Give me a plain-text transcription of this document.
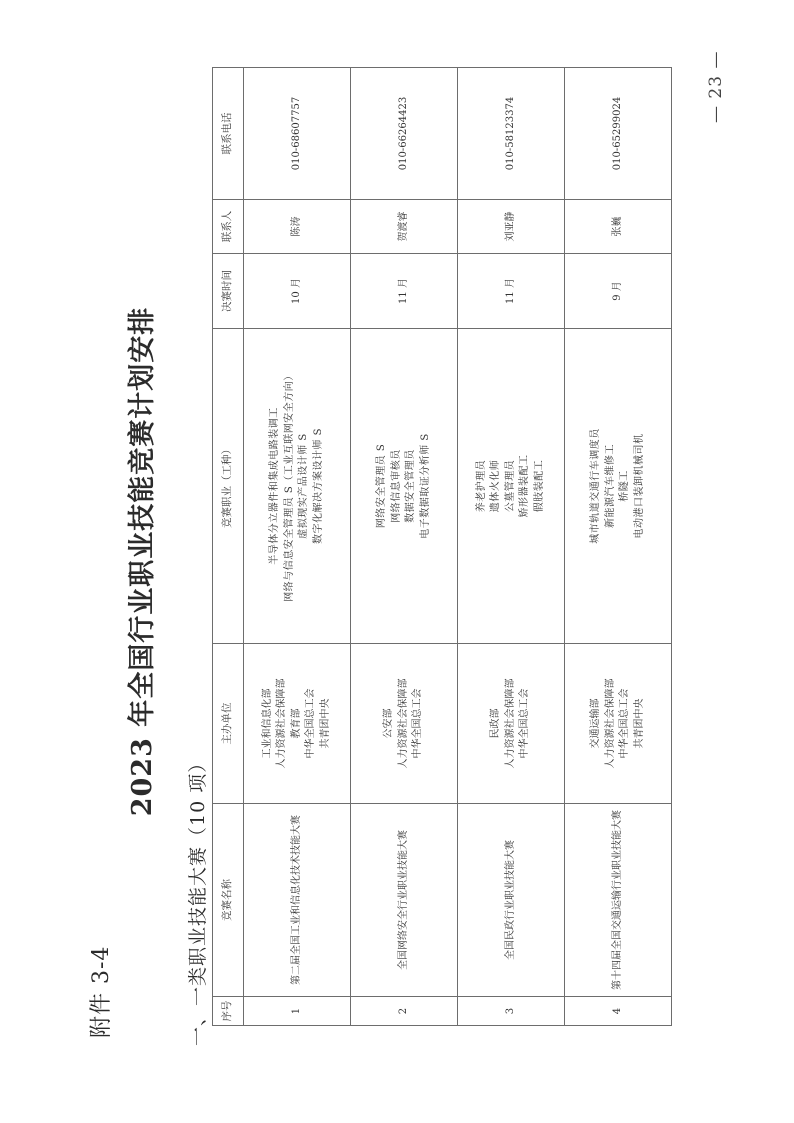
附件 3-4
2023 年全国行业职业技能竞赛计划安排
一、一类职业技能大赛（10 项） 序号	竞赛名称	主办单位	竞赛职业（工种）	决赛时间	联系人	联系电话
1	第二届全国工业和信息化技术技能大赛	工业和信息化部 人力资源社会保障部 教育部 中华全国总工会 共青团中央	半导体分立器件和集成电路装调工 网络与信息安全管理员 S（工业互联网安全方向） 虚拟现实产品设计师 S 数字化解决方案设计师 S	10 月	陈涛	010-68607757
2	全国网络安全行业职业技能大赛	公安部 人力资源社会保障部 中华全国总工会	网络安全管理员 S 网络信息审核员 数据安全管理员 电子数据取证分析师 S	11 月	贺渡睿	010-66264423
3	全国民政行业职业技能大赛	民政部 人力资源社会保障部 中华全国总工会	养老护理员 遗体火化师 公墓管理员 矫形器装配工 假肢装配工	11 月	刘亚静	010-58123374
4	第十四届全国交通运输行业职业技能大赛	交通运输部 人力资源社会保障部 中华全国总工会 共青团中央	城市轨道交通行车调度员 新能源汽车维修工 桥隧工 电动港口装卸机械司机	9 月	张巍	010-65299024
— 23 —
